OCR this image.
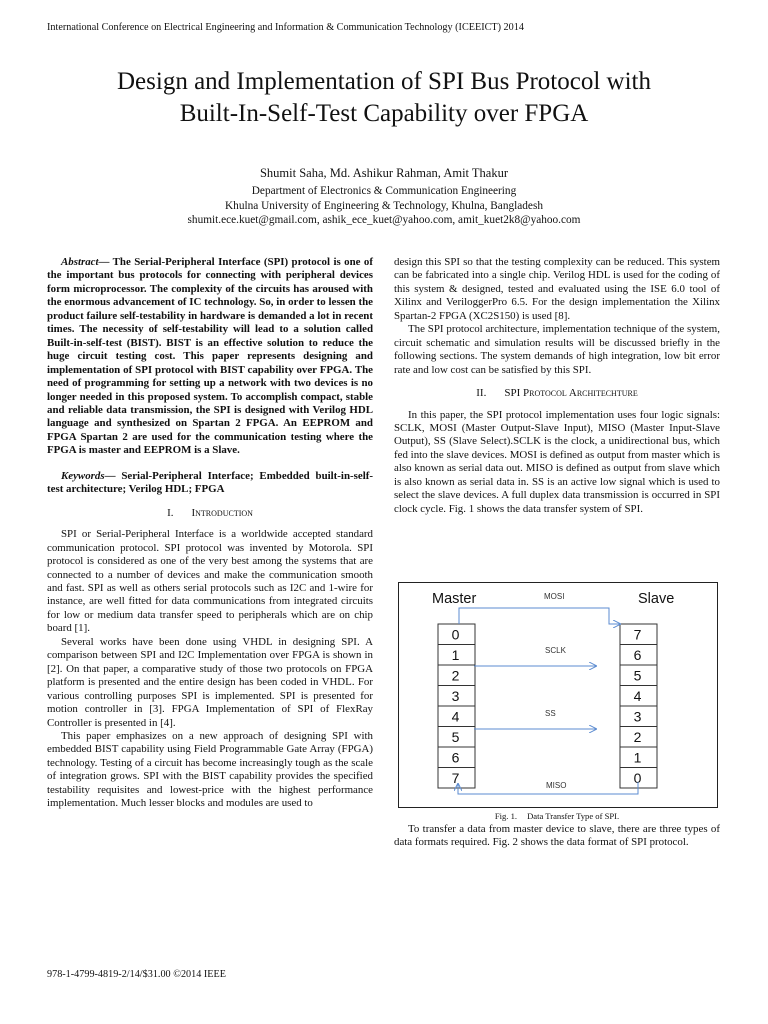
International Conference on Electrical Engineering and Information & Communication Technology (ICEEICT) 2014
Design and Implementation of SPI Bus Protocol with
Built-In-Self-Test Capability over FPGA
Shumit Saha, Md. Ashikur Rahman, Amit Thakur
Department of Electronics & Communication Engineering
Khulna University of Engineering & Technology, Khulna, Bangladesh
shumit.ece.kuet@gmail.com, ashik_ece_kuet@yahoo.com, amit_kuet2k8@yahoo.com

Abstract— The Serial-Peripheral Interface (SPI) protocol is one of the important bus protocols for connecting with peripheral devices form microprocessor. The complexity of the circuits has aroused with the enormous advancement of IC technology. So, in order to lessen the product failure self-testability in hardware is demanded a lot in recent times. The necessity of self-testability will lead to a solution called Built-in-self-test (BIST). BIST is an effective solution to reduce the huge circuit testing cost. This paper represents designing and implementation of SPI protocol with BIST capability over FPGA. The need of programming for setting up a network with two devices is no longer needed in this proposed system. To accomplish compact, stable and reliable data transmission, the SPI is designed with Verilog HDL language and synthesized on Spartan 2 FPGA. An EEPROM and FPGA Spartan 2 are used for the communication testing where the FPGA is master and EEPROM is a Slave.

Keywords— Serial-Peripheral Interface; Embedded built-in-self-test architecture; Verilog HDL; FPGA

I. Introduction

SPI or Serial-Peripheral Interface is a worldwide accepted standard communication protocol. SPI protocol was invented by Motorola. SPI protocol is considered as one of the very best among the systems that are connected to a number of devices and make the communication smooth and fast. SPI as well as others serial protocols such as I2C and 1-wire for instance, are well fitted for data communications from integrated circuits for low or medium data transfer speed to peripherals which are on chip board [1].

Several works have been done using VHDL in designing SPI. A comparison between SPI and I2C Implementation over FPGA is shown in [2]. On that paper, a comparative study of those two protocols on FPGA platform is presented and the entire design has been coded in VHDL. For various controlling purposes SPI is implemented. SPI is presented for motion controller in [3]. FPGA Implementation of SPI of FlexRay Controller is presented in [4].

This paper emphasizes on a new approach of designing SPI with embedded BIST capability using Field Programmable Gate Array (FPGA) technology. Testing of a circuit has become increasingly tough as the scale of integration grows. SPI with the BIST capability provides the specified testability requisites and lowest-price with the highest performance implementation. Much lesser blocks and modules are used to

design this SPI so that the testing complexity can be reduced. This system can be fabricated into a single chip. Verilog HDL is used for the coding of this system & designed, tested and evaluated using the ISE 6.0 tool of Xilinx and VeriloggerPro 6.5. For the design implementation the Xilinx Spartan-2 FPGA (XC2S150) is used [8].

The SPI protocol architecture, implementation technique of the system, circuit schematic and simulation results will be discussed briefly in the following sections. The system demands of high integration, low bit error rate and low cost can be satisfied by this SPI.

II. SPI Protocol Architechture

In this paper, the SPI protocol implementation uses four logic signals: SCLK, MOSI (Master Output-Slave Input), MISO (Master Input-Slave Output), SS (Slave Select).SCLK is the clock, a unidirectional bus, which fed into the slave devices. MOSI is defined as output from master which is also known as serial data out. MISO is defined as output from slave which is also known as serial data in. SS is an active low signal which is used to select the slave devices. A full duplex data transmission is occurred in SPI clock cycle. Fig. 1 shows the data transfer system of SPI.

Master	Slave
MOSI
SCLK
SS
MISO
0
1
2
3
4
5
6
7
7
6
5
4
3
2
1
0
Fig. 1. Data Transfer Type of SPI.

To transfer a data from master device to slave, there are three types of data formats required. Fig. 2 shows the data format of SPI protocol.

978-1-4799-4819-2/14/$31.00 ©2014 IEEE
